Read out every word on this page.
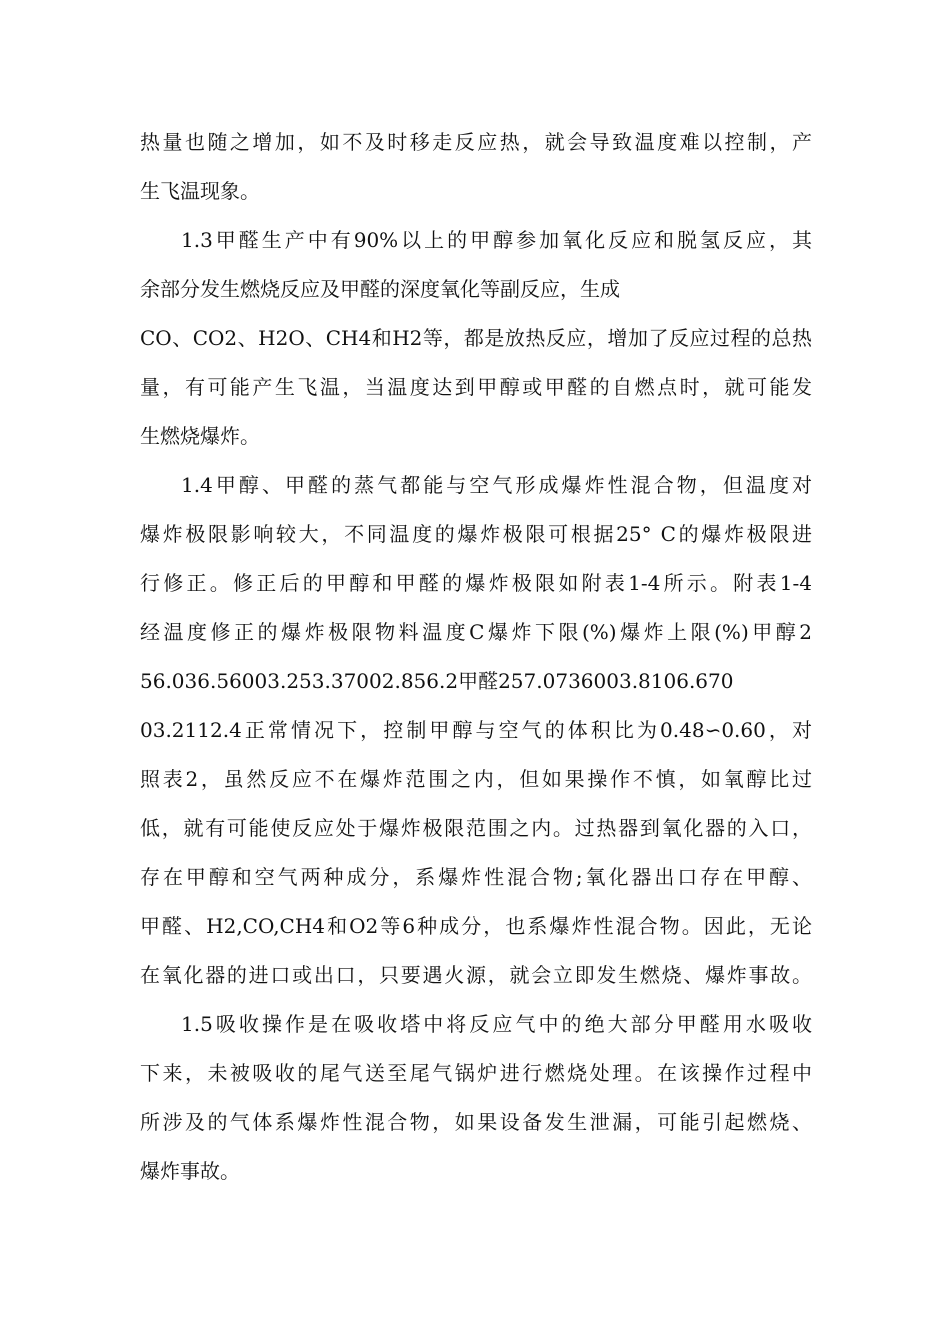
热量也随之增加，如不及时移走反应热，就会导致温度难以控制，产
生飞温现象。
1.3甲醛生产中有90%以上的甲醇参加氧化反应和脱氢反应，其
余部分发生燃烧反应及甲醛的深度氧化等副反应，生成
CO、CO2、H2O、CH4和H2等，都是放热反应，增加了反应过程的总热
量，有可能产生飞温，当温度达到甲醇或甲醛的自燃点时，就可能发
生燃烧爆炸。
1.4甲醇、甲醛的蒸气都能与空气形成爆炸性混合物，但温度对
爆炸极限影响较大，不同温度的爆炸极限可根据25° C的爆炸极限进
行修正。修正后的甲醇和甲醛的爆炸极限如附表1-4所示。附表1-4
经温度修正的爆炸极限物料温度C爆炸下限(%)爆炸上限(%)甲醇2
56.036.56003.253.37002.856.2甲醛257.0736003.8106.670
03.2112.4正常情况下，控制甲醇与空气的体积比为0.48∽0.60，对
照表2，虽然反应不在爆炸范围之内，但如果操作不慎，如氧醇比过
低，就有可能使反应处于爆炸极限范围之内。过热器到氧化器的入口，
存在甲醇和空气两种成分，系爆炸性混合物;氧化器出口存在甲醇、
甲醛、H2,CO,CH4和O2等6种成分，也系爆炸性混合物。因此，无论
在氧化器的进口或出口，只要遇火源，就会立即发生燃烧、爆炸事故。
1.5吸收操作是在吸收塔中将反应气中的绝大部分甲醛用水吸收
下来，未被吸收的尾气送至尾气锅炉进行燃烧处理。在该操作过程中
所涉及的气体系爆炸性混合物，如果设备发生泄漏，可能引起燃烧、
爆炸事故。
